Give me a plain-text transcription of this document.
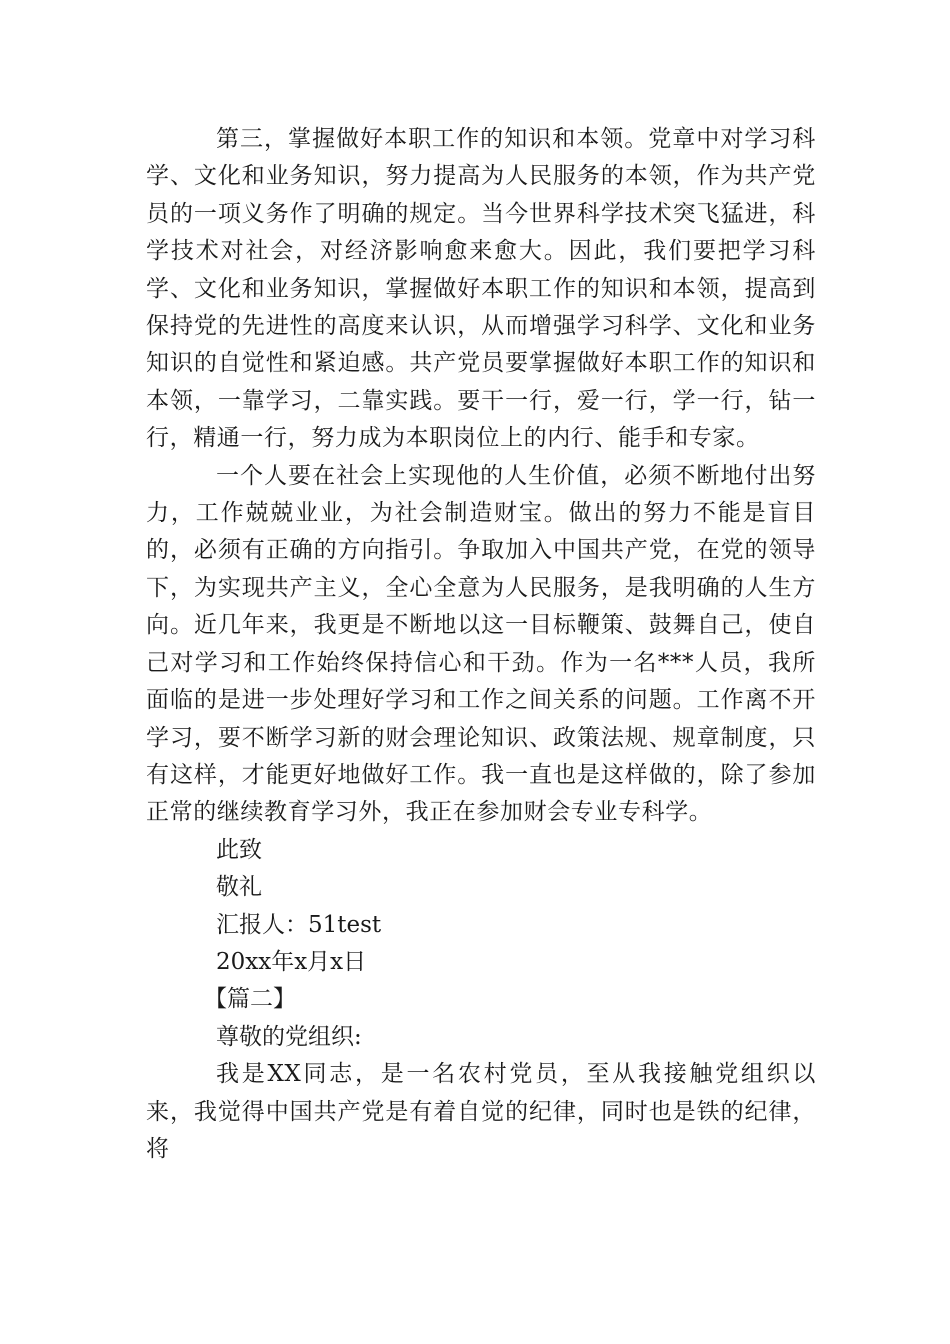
第三，掌握做好本职工作的知识和本领。党章中对学习科学、文化和业务知识，努力提高为人民服务的本领，作为共产党员的一项义务作了明确的规定。当今世界科学技术突飞猛进，科学技术对社会，对经济影响愈来愈大。因此，我们要把学习科学、文化和业务知识，掌握做好本职工作的知识和本领，提高到保持党的先进性的高度来认识，从而增强学习科学、文化和业务知识的自觉性和紧迫感。共产党员要掌握做好本职工作的知识和本领，一靠学习，二靠实践。要干一行，爱一行，学一行，钻一行，精通一行，努力成为本职岗位上的内行、能手和专家。

一个人要在社会上实现他的人生价值，必须不断地付出努力，工作兢兢业业，为社会制造财宝。做出的努力不能是盲目的，必须有正确的方向指引。争取加入中国共产党，在党的领导下，为实现共产主义，全心全意为人民服务，是我明确的人生方向。近几年来，我更是不断地以这一目标鞭策、鼓舞自己，使自己对学习和工作始终保持信心和干劲。作为一名***人员，我所面临的是进一步处理好学习和工作之间关系的问题。工作离不开学习，要不断学习新的财会理论知识、政策法规、规章制度，只有这样，才能更好地做好工作。我一直也是这样做的，除了参加正常的继续教育学习外，我正在参加财会专业专科学。

此致

敬礼

汇报人：51test

20xx年x月x日

【篇二】

尊敬的党组织:

我是XX同志，是一名农村党员，至从我接触党组织以来，我觉得中国共产党是有着自觉的纪律，同时也是铁的纪律，将
